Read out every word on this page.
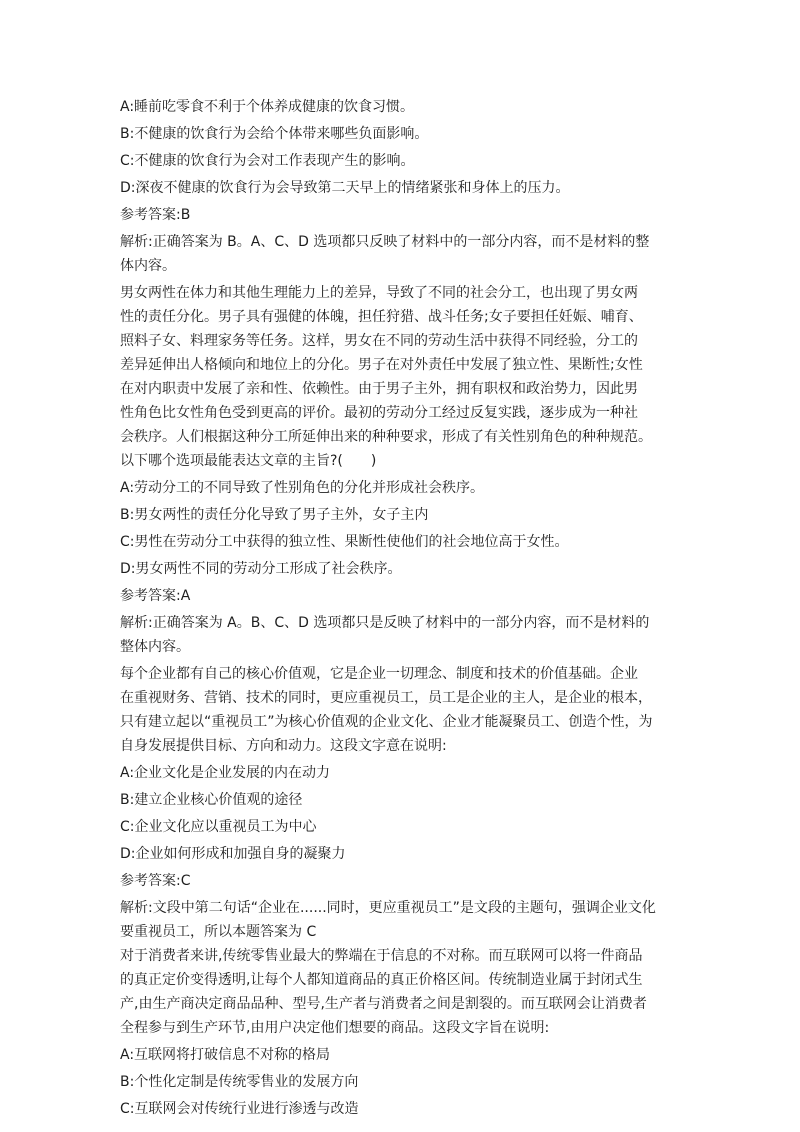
A:睡前吃零食不利于个体养成健康的饮食习惯。

B:不健康的饮食行为会给个体带来哪些负面影响。

C:不健康的饮食行为会对工作表现产生的影响。

D:深夜不健康的饮食行为会导致第二天早上的情绪紧张和身体上的压力。

参考答案:B

解析:正确答案为 B。A、C、D 选项都只反映了材料中的一部分内容，而不是材料的整

体内容。

男女两性在体力和其他生理能力上的差异，导致了不同的社会分工，也出现了男女两

性的责任分化。男子具有强健的体魄，担任狩猎、战斗任务;女子要担任妊娠、哺育、

照料子女、料理家务等任务。这样，男女在不同的劳动生活中获得不同经验，分工的

差异延伸出人格倾向和地位上的分化。男子在对外责任中发展了独立性、果断性;女性

在对内职责中发展了亲和性、依赖性。由于男子主外，拥有职权和政治势力，因此男

性角色比女性角色受到更高的评价。最初的劳动分工经过反复实践，逐步成为一种社

会秩序。人们根据这种分工所延伸出来的种种要求，形成了有关性别角色的种种规范。

以下哪个选项最能表达文章的主旨?(　　)

A:劳动分工的不同导致了性别角色的分化并形成社会秩序。

B:男女两性的责任分化导致了男子主外，女子主内

C:男性在劳动分工中获得的独立性、果断性使他们的社会地位高于女性。

D:男女两性不同的劳动分工形成了社会秩序。

参考答案:A

解析:正确答案为 A。B、C、D 选项都只是反映了材料中的一部分内容，而不是材料的

整体内容。

每个企业都有自己的核心价值观，它是企业一切理念、制度和技术的价值基础。企业

在重视财务、营销、技术的同时，更应重视员工，员工是企业的主人，是企业的根本，

只有建立起以“重视员工”为核心价值观的企业文化、企业才能凝聚员工、创造个性，为

自身发展提供目标、方向和动力。这段文字意在说明:

A:企业文化是企业发展的内在动力

B:建立企业核心价值观的途径

C:企业文化应以重视员工为中心

D:企业如何形成和加强自身的凝聚力

参考答案:C

解析:文段中第二句话“企业在......同时，更应重视员工”是文段的主题句，强调企业文化

要重视员工，所以本题答案为 C

对于消费者来讲,传统零售业最大的弊端在于信息的不对称。而互联网可以将一件商品

的真正定价变得透明,让每个人都知道商品的真正价格区间。传统制造业属于封闭式生

产,由生产商决定商品品种、型号,生产者与消费者之间是割裂的。而互联网会让消费者

全程参与到生产环节,由用户决定他们想要的商品。这段文字旨在说明:

A:互联网将打破信息不对称的格局

B:个性化定制是传统零售业的发展方向

C:互联网会对传统行业进行渗透与改造
